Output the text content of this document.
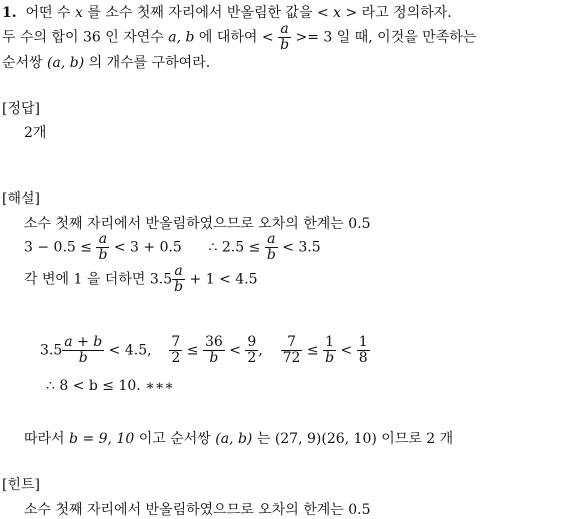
1. 어떤 수 x 를 소수 첫째 자리에서 반올림한 값을 < x > 라고 정의하자.
두 수의 합이 36 인 자연수 a, b 에 대하여 < $\frac{a}{b} >= 3$ 일 때, 이것을 만족하는
순서쌍 (a, b) 의 개수를 구하여라.
[정답]
2개
[해설]
소수 첫째 자리에서 반올림하였으므로 오차의 한계는 0.5
$3 - 0.5 \le \frac{a}{b} < 3 + 0.5$ ∴ $2.5 \le \frac{a}{b} < 3.5$
각 변에 1 을 더하면 $3.5 \frac{a}{b} + 1 < 4.5$
$3.5 \frac{a + b}{b} < 4.5$, $\frac{7}{2} \le \frac{36}{b} < \frac{9}{2}$ , $\frac{7}{72} \le \frac{1}{b} < \frac{1}{8}$
∴ 8 < b ≤ 10. ∗∗∗
따라서 b = 9, 10 이고 순서쌍 (a, b) 는 (27, 9)(26, 10) 이므로 2 개
[힌트]
소수 첫째 자리에서 반올림하였으므로 오차의 한계는 0.5
